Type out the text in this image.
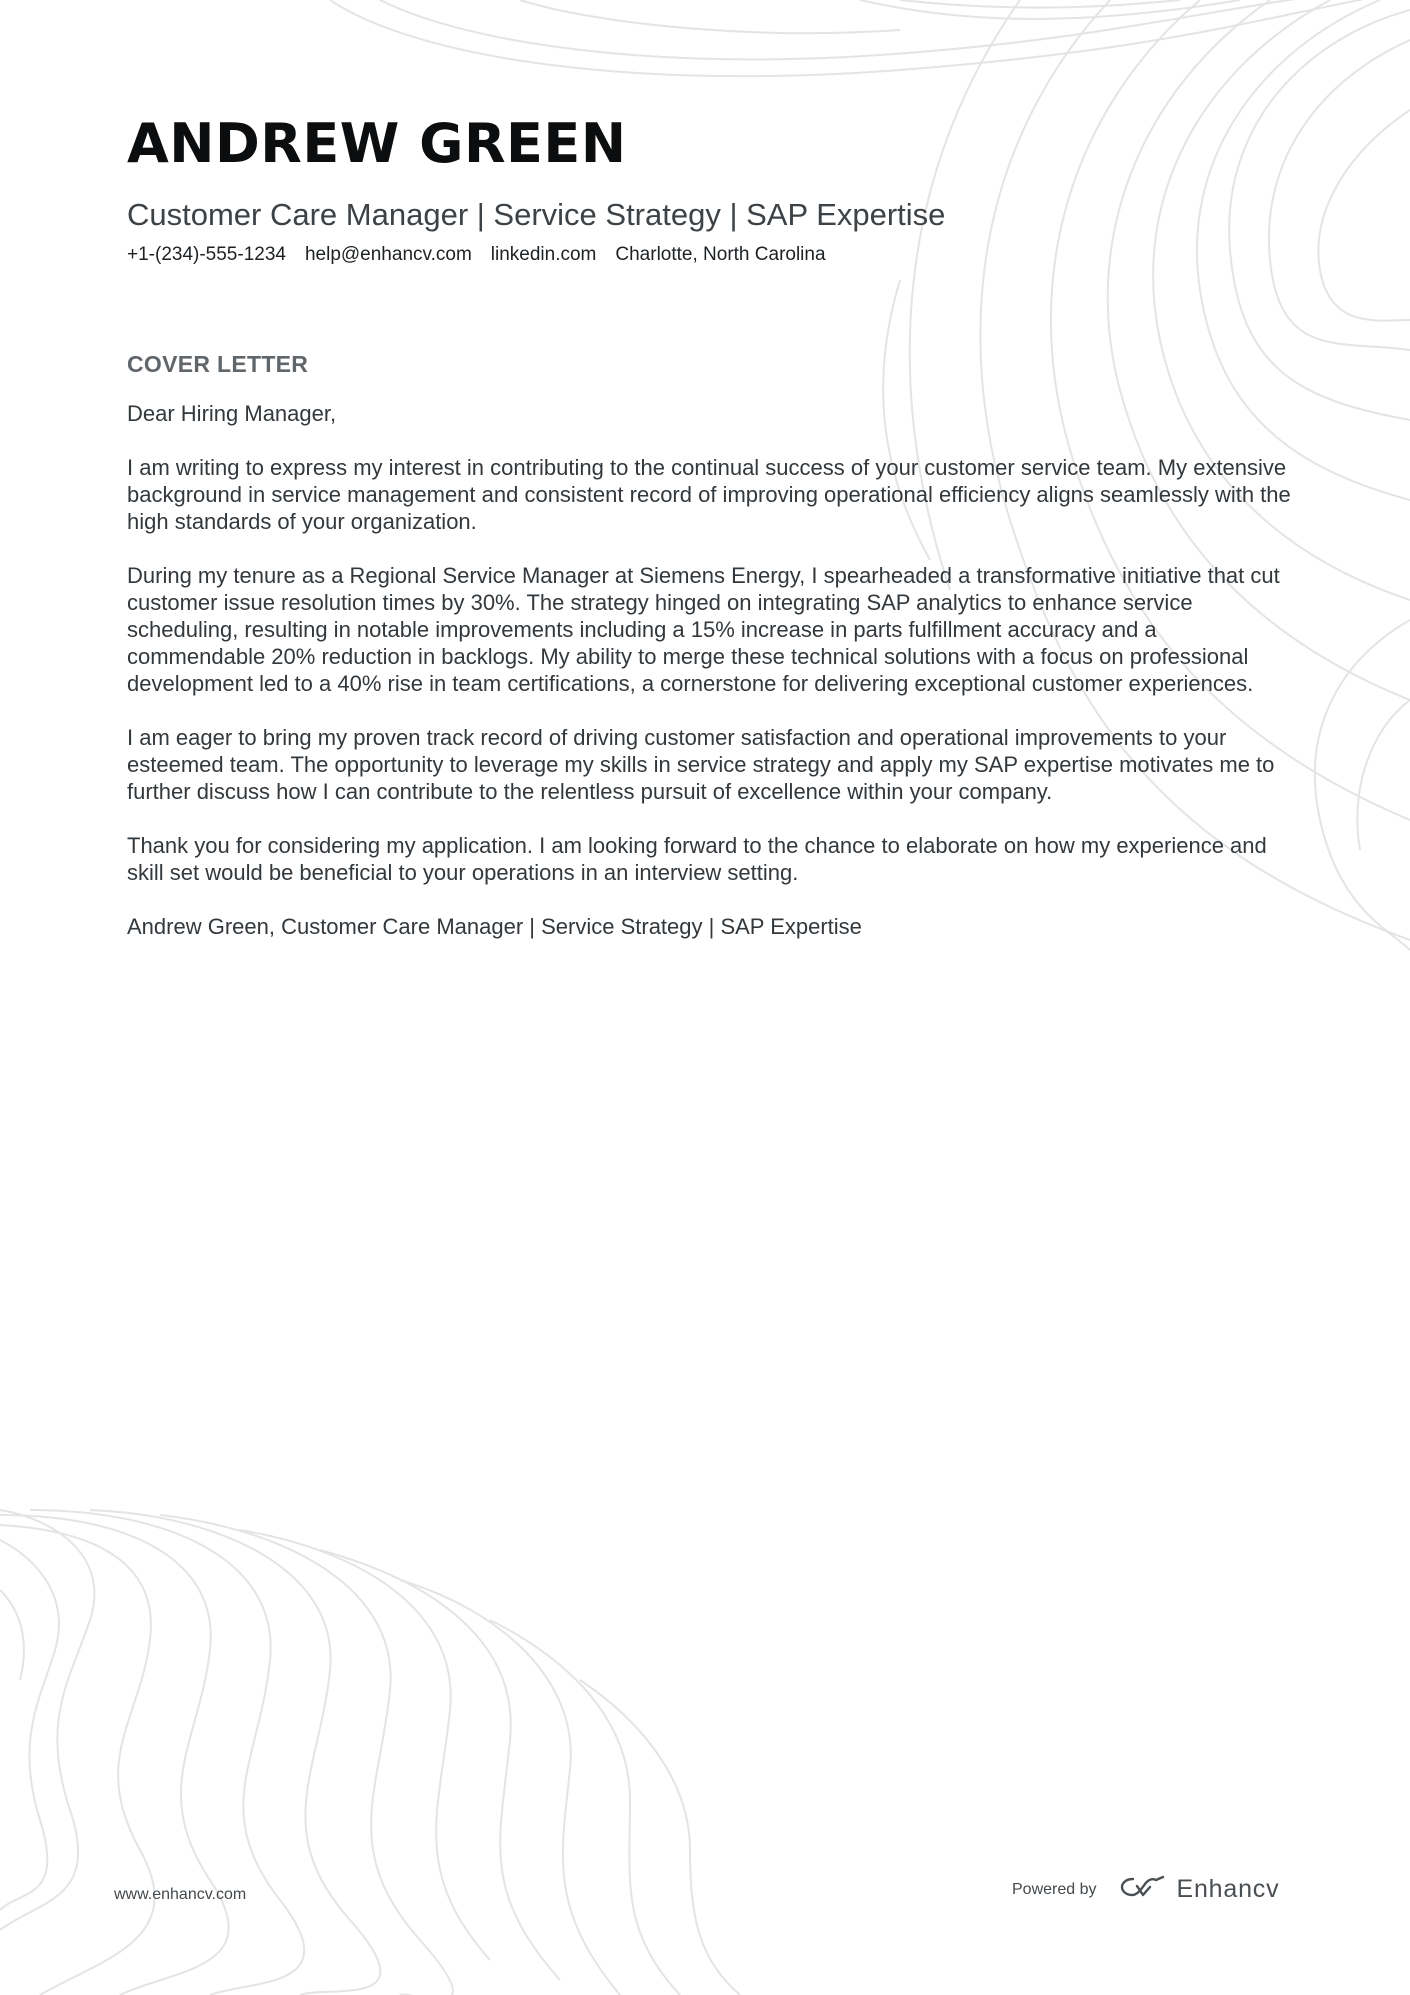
ANDREW GREEN
Customer Care Manager | Service Strategy | SAP Expertise
+1-(234)-555-1234 help@enhancv.com linkedin.com Charlotte, North Carolina
COVER LETTER

Dear Hiring Manager,

I am writing to express my interest in contributing to the continual success of your customer service team. My extensive background in service management and consistent record of improving operational efficiency aligns seamlessly with the high standards of your organization.

During my tenure as a Regional Service Manager at Siemens Energy, I spearheaded a transformative initiative that cut customer issue resolution times by 30%. The strategy hinged on integrating SAP analytics to enhance service scheduling, resulting in notable improvements including a 15% increase in parts fulfillment accuracy and a commendable 20% reduction in backlogs. My ability to merge these technical solutions with a focus on professional development led to a 40% rise in team certifications, a cornerstone for delivering exceptional customer experiences.

I am eager to bring my proven track record of driving customer satisfaction and operational improvements to your esteemed team. The opportunity to leverage my skills in service strategy and apply my SAP expertise motivates me to further discuss how I can contribute to the relentless pursuit of excellence within your company.

Thank you for considering my application. I am looking forward to the chance to elaborate on how my experience and skill set would be beneficial to your operations in an interview setting.

Andrew Green, Customer Care Manager | Service Strategy | SAP Expertise

www.enhancv.com	Powered by	Enhancv
